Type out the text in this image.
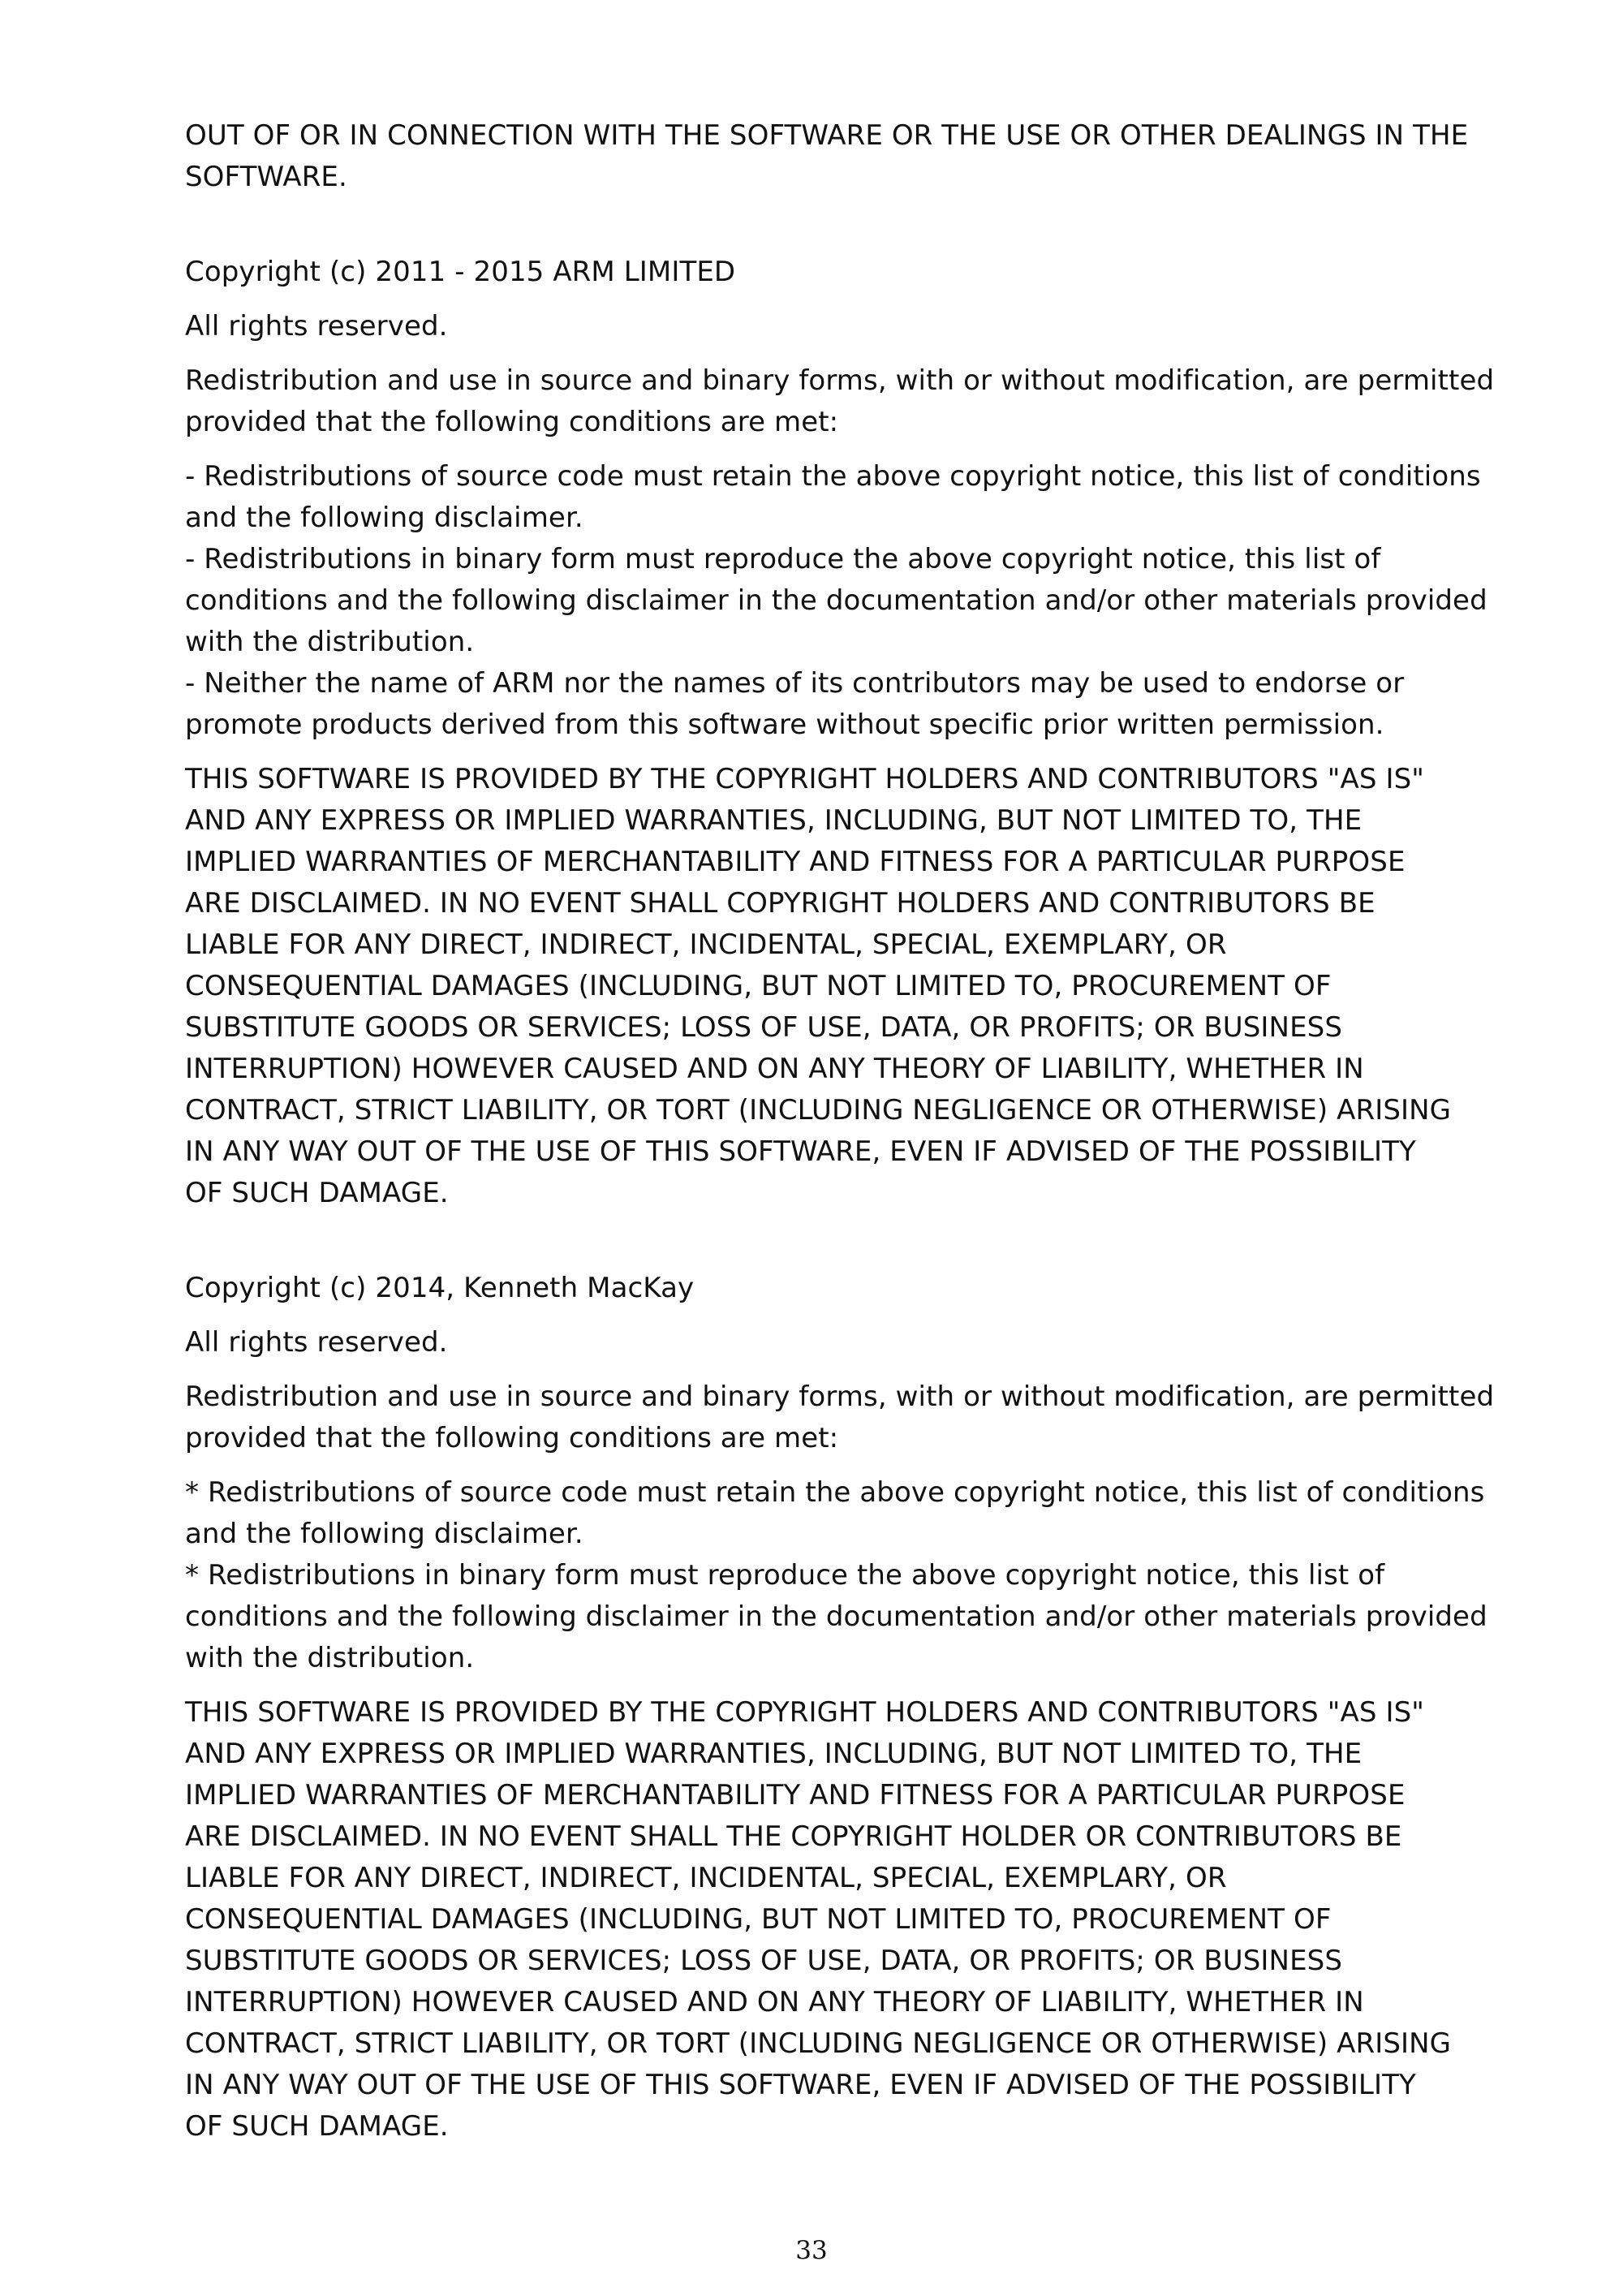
OUT OF OR IN CONNECTION WITH THE SOFTWARE OR THE USE OR OTHER DEALINGS IN THE
SOFTWARE.

Copyright (c) 2011 - 2015 ARM LIMITED

All rights reserved.

Redistribution and use in source and binary forms, with or without modification, are permitted
provided that the following conditions are met:
- Redistributions of source code must retain the above copyright notice, this list of conditions
and the following disclaimer.
- Redistributions in binary form must reproduce the above copyright notice, this list of
conditions and the following disclaimer in the documentation and/or other materials provided
with the distribution.
- Neither the name of ARM nor the names of its contributors may be used to endorse or
promote products derived from this software without specific prior written permission.
THIS SOFTWARE IS PROVIDED BY THE COPYRIGHT HOLDERS AND CONTRIBUTORS "AS IS"
AND ANY EXPRESS OR IMPLIED WARRANTIES, INCLUDING, BUT NOT LIMITED TO, THE
IMPLIED WARRANTIES OF MERCHANTABILITY AND FITNESS FOR A PARTICULAR PURPOSE
ARE DISCLAIMED. IN NO EVENT SHALL COPYRIGHT HOLDERS AND CONTRIBUTORS BE
LIABLE FOR ANY DIRECT, INDIRECT, INCIDENTAL, SPECIAL, EXEMPLARY, OR
CONSEQUENTIAL DAMAGES (INCLUDING, BUT NOT LIMITED TO, PROCUREMENT OF
SUBSTITUTE GOODS OR SERVICES; LOSS OF USE, DATA, OR PROFITS; OR BUSINESS
INTERRUPTION) HOWEVER CAUSED AND ON ANY THEORY OF LIABILITY, WHETHER IN
CONTRACT, STRICT LIABILITY, OR TORT (INCLUDING NEGLIGENCE OR OTHERWISE) ARISING
IN ANY WAY OUT OF THE USE OF THIS SOFTWARE, EVEN IF ADVISED OF THE POSSIBILITY
OF SUCH DAMAGE.

Copyright (c) 2014, Kenneth MacKay

All rights reserved.

Redistribution and use in source and binary forms, with or without modification, are permitted
provided that the following conditions are met:
* Redistributions of source code must retain the above copyright notice, this list of conditions
and the following disclaimer.
* Redistributions in binary form must reproduce the above copyright notice, this list of
conditions and the following disclaimer in the documentation and/or other materials provided
with the distribution.
THIS SOFTWARE IS PROVIDED BY THE COPYRIGHT HOLDERS AND CONTRIBUTORS "AS IS"
AND ANY EXPRESS OR IMPLIED WARRANTIES, INCLUDING, BUT NOT LIMITED TO, THE
IMPLIED WARRANTIES OF MERCHANTABILITY AND FITNESS FOR A PARTICULAR PURPOSE
ARE DISCLAIMED. IN NO EVENT SHALL THE COPYRIGHT HOLDER OR CONTRIBUTORS BE
LIABLE FOR ANY DIRECT, INDIRECT, INCIDENTAL, SPECIAL, EXEMPLARY, OR
CONSEQUENTIAL DAMAGES (INCLUDING, BUT NOT LIMITED TO, PROCUREMENT OF
SUBSTITUTE GOODS OR SERVICES; LOSS OF USE, DATA, OR PROFITS; OR BUSINESS
INTERRUPTION) HOWEVER CAUSED AND ON ANY THEORY OF LIABILITY, WHETHER IN
CONTRACT, STRICT LIABILITY, OR TORT (INCLUDING NEGLIGENCE OR OTHERWISE) ARISING
IN ANY WAY OUT OF THE USE OF THIS SOFTWARE, EVEN IF ADVISED OF THE POSSIBILITY
OF SUCH DAMAGE.
33
